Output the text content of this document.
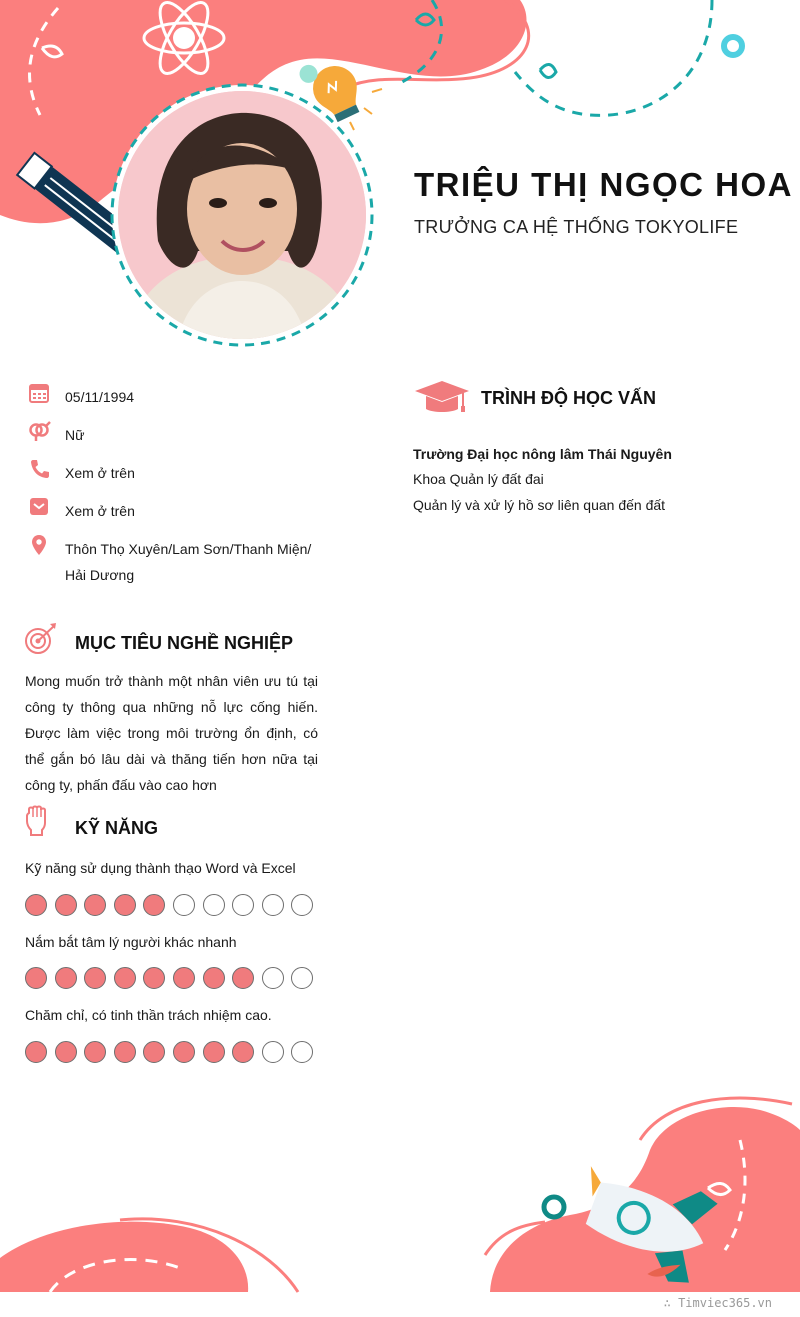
TRIỆU THỊ NGỌC HOA
TRƯỞNG CA HỆ THỐNG TOKYOLIFE
05/11/1994
Nữ
Xem ở trên
Xem ở trên
Thôn Thọ Xuyên/Lam Sơn/Thanh Miện/
Hải Dương
MỤC TIÊU NGHỀ NGHIỆP

Mong muốn trở thành một nhân viên ưu tú tại công ty thông qua những nỗ lực cống hiến. Được làm việc trong môi trường ổn định, có thể gắn bó lâu dài và thăng tiến hơn nữa tại công ty, phấn đấu vào cao hơn

KỸ NĂNG
Kỹ năng sử dụng thành thạo Word và Excel
Nắm bắt tâm lý người khác nhanh
Chăm chỉ, có tinh thần trách nhiệm cao.
TRÌNH ĐỘ HỌC VẤN
Trường Đại học nông lâm Thái Nguyên
Khoa Quản lý đất đai
Quản lý và xử lý hồ sơ liên quan đến đất
∴ Timviec365.vn
